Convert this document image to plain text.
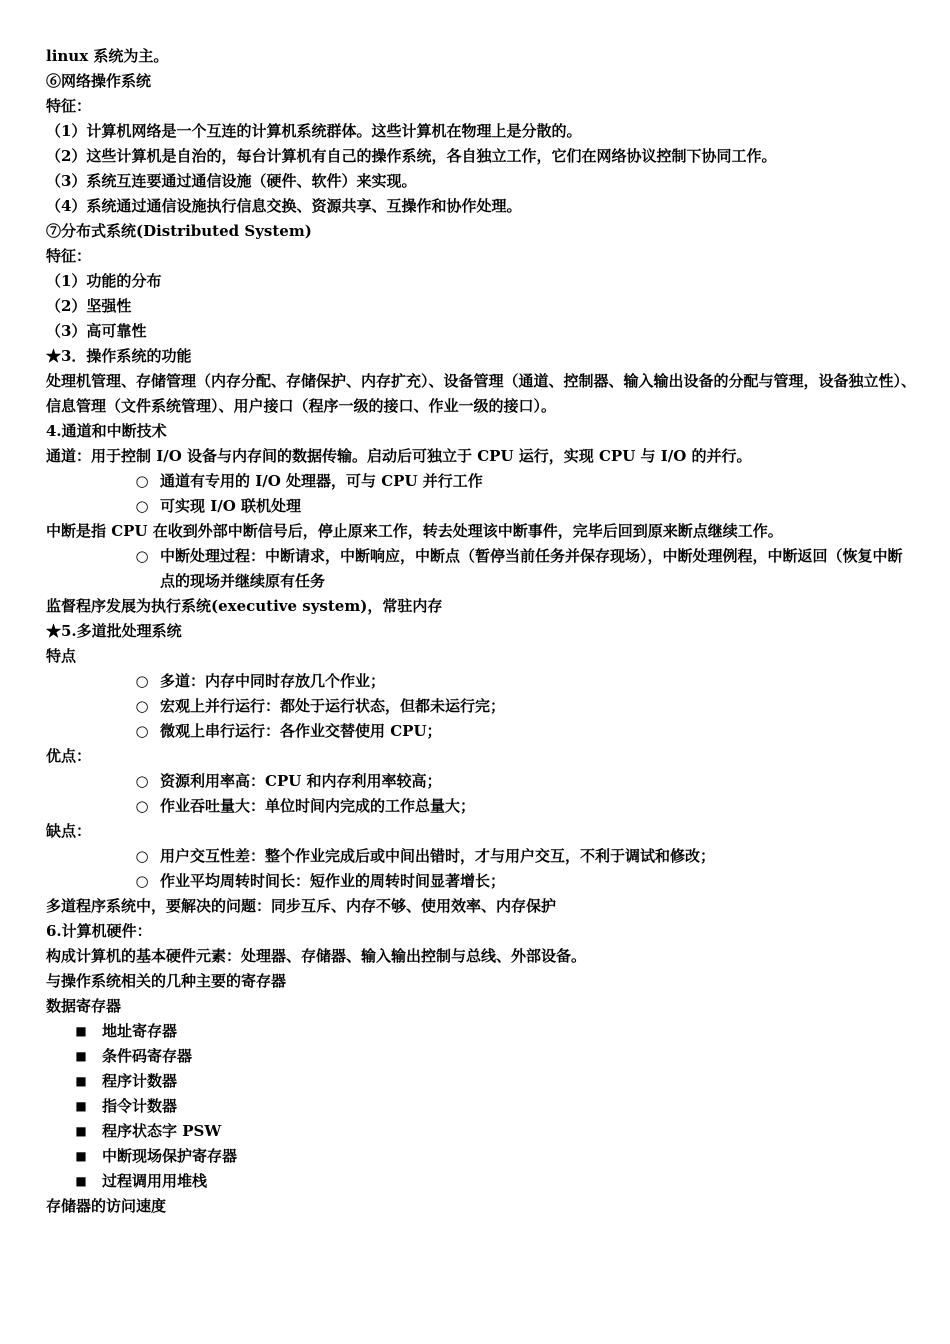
linux 系统为主。
⑥网络操作系统
特征：
（1）计算机网络是一个互连的计算机系统群体。这些计算机在物理上是分散的。
（2）这些计算机是自治的，每台计算机有自己的操作系统，各自独立工作，它们在网络协议控制下协同工作。
（3）系统互连要通过通信设施（硬件、软件）来实现。
（4）系统通过通信设施执行信息交换、资源共享、互操作和协作处理。
⑦分布式系统(Distributed System)
特征：
（1）功能的分布
（2）坚强性
（3）高可靠性
★3．操作系统的功能
处理机管理、存储管理（内存分配、存储保护、内存扩充）、设备管理（通道、控制器、输入输出设备的分配与管理，设备独立性）、信息管理（文件系统管理）、用户接口（程序一级的接口、作业一级的接口）。
4.通道和中断技术
通道：用于控制 I/O 设备与内存间的数据传输。启动后可独立于 CPU 运行，实现 CPU 与 I/O 的并行。
○ 通道有专用的 I/O 处理器，可与 CPU 并行工作
○ 可实现 I/O 联机处理
中断是指 CPU 在收到外部中断信号后，停止原来工作，转去处理该中断事件，完毕后回到原来断点继续工作。
○ 中断处理过程：中断请求，中断响应，中断点（暂停当前任务并保存现场），中断处理例程，中断返回（恢复中断点的现场并继续原有任务
监督程序发展为执行系统(executive system)，常驻内存
★5.多道批处理系统
特点
○ 多道：内存中同时存放几个作业；
○ 宏观上并行运行：都处于运行状态，但都未运行完；
○ 微观上串行运行：各作业交替使用 CPU；
优点：
○ 资源利用率高：CPU 和内存利用率较高；
○ 作业吞吐量大：单位时间内完成的工作总量大；
缺点：
○ 用户交互性差：整个作业完成后或中间出错时，才与用户交互，不利于调试和修改；
○ 作业平均周转时间长：短作业的周转时间显著增长；
多道程序系统中，要解决的问题：同步互斥、内存不够、使用效率、内存保护
6.计算机硬件：
构成计算机的基本硬件元素：处理器、存储器、输入输出控制与总线、外部设备。
与操作系统相关的几种主要的寄存器
数据寄存器
■ 地址寄存器
■ 条件码寄存器
■ 程序计数器
■ 指令计数器
■ 程序状态字 PSW
■ 中断现场保护寄存器
■ 过程调用用堆栈
存储器的访问速度
